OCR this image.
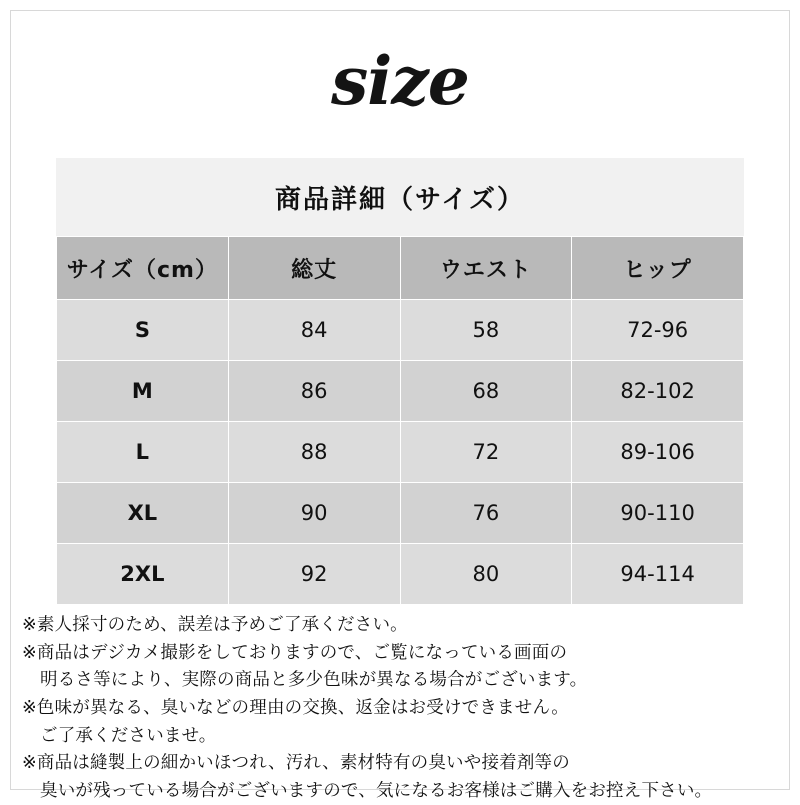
size
商品詳細（サイズ）
サイズ（cm）	総丈	ウエスト	ヒップ
S	84	58	72-96
M	86	68	82-102
L	88	72	89-106
XL	90	76	90-110
2XL	92	80	94-114
※素人採寸のため、誤差は予めご了承ください。
※商品はデジカメ撮影をしておりますので、ご覧になっている画面の
明るさ等により、実際の商品と多少色味が異なる場合がございます。
※色味が異なる、臭いなどの理由の交換、返金はお受けできません。
ご了承くださいませ。
※商品は縫製上の細かいほつれ、汚れ、素材特有の臭いや接着剤等の
臭いが残っている場合がございますので、気になるお客様はご購入をお控え下さい。
